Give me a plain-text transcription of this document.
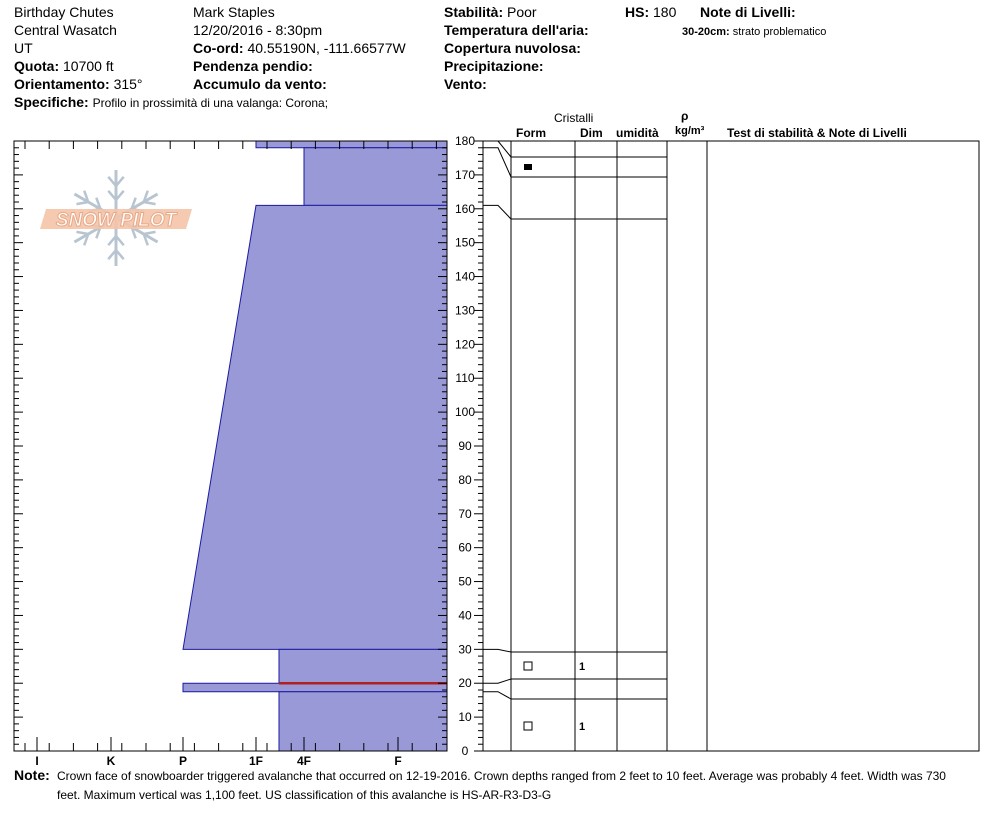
Birthday Chutes
Central Wasatch
UT
Quota: 10700 ft
Orientamento: 315°
Specifiche: Profilo in prossimità di una valanga: Corona;
Mark Staples
12/20/2016 - 8:30pm
Co-ord: 40.55190N, -111.66577W
Pendenza pendio:
Accumulo da vento:
Stabilità: Poor
Temperatura dell'aria:
Copertura nuvolosa:
Precipitazione:
Vento:
HS: 180 Note di Livelli:
30-20cm: strato problematico
Cristalli
Form	Dim umidità
ρ
kg/m³ Test di stabilità & Note di Livelli
I	K	P	1F	4F	F
0
10
20
30
40
50
60
70
80
90
100
110
120
130
140
150
160
170
180
SNOW PILOT
1
1
Note: Crown face of snowboarder triggered avalanche that occurred on 12-19-2016. Crown depths ranged from 2 feet to 10 feet. Average was probably 4 feet. Width was 730
feet. Maximum vertical was 1,100 feet. US classification of this avalanche is HS-AR-R3-D3-G
